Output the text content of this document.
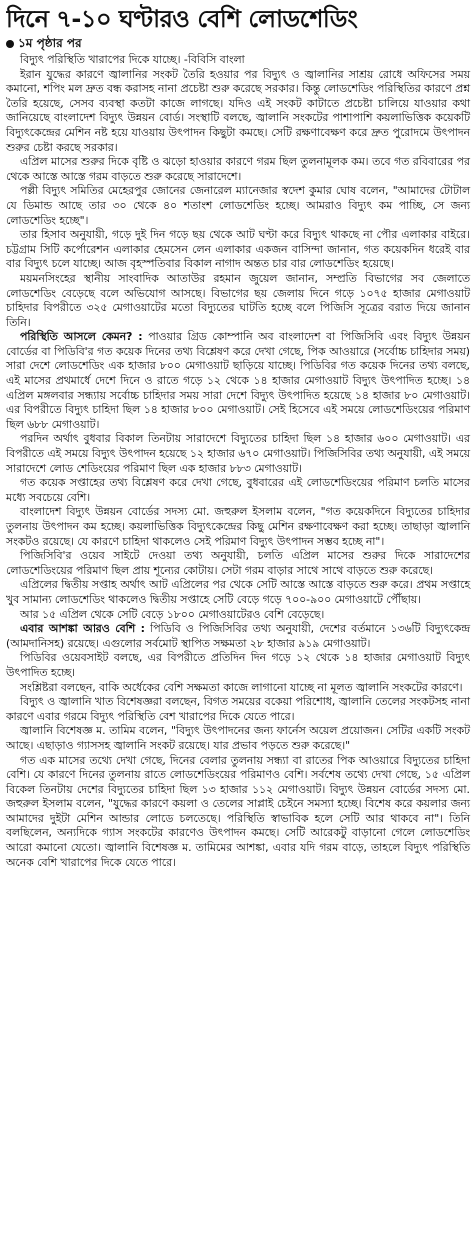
দিনে ৭-১০ ঘণ্টারও বেশি লোডশেডিং
১ম পৃষ্ঠার পর

বিদ্যুৎ পরিস্থিতি খারাপের দিকে যাচ্ছে। -বিবিসি বাংলা

ইরান যুদ্ধের কারণে জ্বালানির সংকট তৈরি হওয়ার পর বিদ্যুৎ ও জ্বালানির সাশ্রয় রোধে অফিসের সময় কমানো, শপিং মল দ্রুত বন্ধ করাসহ নানা প্রচেষ্টা শুরু করেছে সরকার। কিন্তু লোডশেডিং পরিস্থিতির কারণে প্রশ্ন তৈরি হয়েছে, সেসব ব্যবস্থা কতটা কাজে লাগছে। যদিও এই সংকট কাটাতে প্রচেষ্টা চালিয়ে যাওয়ার কথা জানিয়েছে বাংলাদেশ বিদ্যুৎ উন্নয়ন বোর্ড। সংস্থাটি বলছে, জ্বালানি সংকটের পাশাপাশি কয়লাভিত্তিক কয়েকটি বিদ্যুৎকেন্দ্রের মেশিন নষ্ট হয়ে যাওয়ায় উৎপাদন কিছুটা কমছে। সেটি রক্ষণাবেক্ষণ করে দ্রুত পুরোদমে উৎপাদন শুরুর চেষ্টা করছে সরকার।

এপ্রিল মাসের শুরুর দিকে বৃষ্টি ও ঝড়ো হাওয়ার কারণে গরম ছিল তুলনামূলক কম। তবে গত রবিবারের পর থেকে আস্তে আস্তে গরম বাড়তে শুরু করেছে সারাদেশে।

পল্লী বিদ্যুৎ সমিতির মেহেরপুর জোনের জেনারেল ম্যানেজার স্বদেশ কুমার ঘোষ বলেন, "আমাদের টোটাল যে ডিমান্ড আছে তার ৩০ থেকে ৪০ শতাংশ লোডশেডিং হচ্ছে। আমরাও বিদ্যুৎ কম পাচ্ছি, সে জন্য লোডশেডিং হচ্ছে"।

তার হিসাব অনুযায়ী, গড়ে দুই দিন গড়ে ছয় থেকে আট ঘণ্টা করে বিদ্যুৎ থাকছে না পৌর এলাকার বাইরে। চট্টগ্রাম সিটি কর্পোরেশন এলাকার হেমসেন লেন এলাকার একজন বাসিন্দা জানান, গত কয়েকদিন ধরেই বার বার বিদ্যুৎ চলে যাচ্ছে। আজ বৃহস্পতিবার বিকাল নাগাদ অন্তত চার বার লোডশেডিং হয়েছে।

ময়মনসিংহের স্থানীয় সাংবাদিক আতাউর রহমান জুয়েল জানান, সম্প্রতি বিভাগের সব জেলাতে লোডশেডিং বেড়েছে বলে অভিযোগ আসছে। বিভাগের ছয় জেলায় দিনে গড়ে ১০৭৫ হাজার মেগাওয়াট চাহিদার বিপরীতে ৩২৫ মেগাওয়াটের মতো বিদ্যুতের ঘাটতি হচ্ছে বলে পিজিসি সূত্রের বরাত দিয়ে জানান তিনি।

পরিস্থিতি আসলে কেমন? : পাওয়ার গ্রিড কোম্পানি অব বাংলাদেশ বা পিজিসিবি এবং বিদ্যুৎ উন্নয়ন বোর্ডের বা পিডিবি'র গত কয়েক দিনের তথ্য বিশ্লেষণ করে দেখা গেছে, পিক আওয়ারে (সর্বোচ্চ চাহিদার সময়) সারা দেশে লোডশেডিং এক হাজার ৮০০ মেগাওয়াট ছাড়িয়ে যাচ্ছে। পিডিবির গত কয়েক দিনের তথ্য বলছে, এই মাসের প্রথমার্ধে দেশে দিনে ও রাতে গড়ে ১২ থেকে ১৪ হাজার মেগাওয়াট বিদ্যুৎ উৎপাদিত হচ্ছে। ১৪ এপ্রিল মঙ্গলবার সন্ধ্যায় সর্বোচ্চ চাহিদার সময় সারা দেশে বিদ্যুৎ উৎপাদিত হয়েছে ১৪ হাজার ৮০ মেগাওয়াট। এর বিপরীতে বিদ্যুৎ চাহিদা ছিল ১৪ হাজার ৮০০ মেগাওয়াট। সেই হিসেবে এই সময়ে লোডশেডিংয়ের পরিমাণ ছিল ৬৮৮ মেগাওয়াট।

পরদিন অর্থাৎ বুধবার বিকাল তিনটায় সারাদেশে বিদ্যুতের চাহিদা ছিল ১৪ হাজার ৬০০ মেগাওয়াট। এর বিপরীতে এই সময়ে বিদ্যুৎ উৎপাদন হয়েছে ১২ হাজার ৬৭০ মেগাওয়াট। পিজিসিবির তথ্য অনুযায়ী, এই সময়ে সারাদেশে লোড শেডিংয়ের পরিমাণ ছিল এক হাজার ৮৮৩ মেগাওয়াট।

গত কয়েক সপ্তাহের তথ্য বিশ্লেষণ করে দেখা গেছে, বুধবারের এই লোডশেডিংয়ের পরিমাণ চলতি মাসের মধ্যে সবচেয়ে বেশি।

বাংলাদেশ বিদ্যুৎ উন্নয়ন বোর্ডের সদস্য মো. জহুরুল ইসলাম বলেন, "গত কয়েকদিনে বিদ্যুতের চাহিদার তুলনায় উৎপাদন কম হচ্ছে। কয়লাভিত্তিক বিদ্যুৎকেন্দ্রের কিছু মেশিন রক্ষণাবেক্ষণ করা হচ্ছে। তাছাড়া জ্বালানি সংকটও রয়েছে। যে কারণে চাহিদা থাকলেও সেই পরিমাণ বিদ্যুৎ উৎপাদন সম্ভব হচ্ছে না"।

পিজিসিবি'র ওয়েব সাইটে দেওয়া তথ্য অনুযায়ী, চলতি এপ্রিল মাসের শুরুর দিকে সারাদেশের লোডশেডিংয়ের পরিমাণ ছিল প্রায় শূন্যের কোটায়। সেটা গরম বাড়ার সাথে সাথে বাড়তে শুরু করেছে।

এপ্রিলের দ্বিতীয় সপ্তাহ অর্থাৎ আট এপ্রিলের পর থেকে সেটি আস্তে আস্তে বাড়তে শুরু করে। প্রথম সপ্তাহে খুব সামান্য লোডশেডিং থাকলেও দ্বিতীয় সপ্তাহে সেটি বেড়ে গড়ে ৭০০-৯০০ মেগাওয়াটে পৌঁছায়।

আর ১৫ এপ্রিল থেকে সেটি বেড়ে ১৮০০ মেগাওয়াটেরও বেশি বেড়েছে।

এবার আশঙ্কা আরও বেশি : পিডিবি ও পিজিসিবির তথ্য অনুযায়ী, দেশের বর্তমানে ১৩৬টি বিদ্যুৎকেন্দ্র (আমদানিসহ) রয়েছে। এগুলোর সর্বমোট স্থাপিত সক্ষমতা ২৮ হাজার ৯১৯ মেগাওয়াট।

পিডিবির ওয়েবসাইট বলছে, এর বিপরীতে প্রতিদিন দিন গড়ে ১২ থেকে ১৪ হাজার মেগাওয়াট বিদ্যুৎ উৎপাদিত হচ্ছে।

সংশ্লিষ্টরা বলছেন, বাকি অর্ধেকের বেশি সক্ষমতা কাজে লাগানো যাচ্ছে না মূলত জ্বালানি সংকটের কারণে।

বিদ্যুৎ ও জ্বালানি খাত বিশেষজ্ঞরা বলছেন, বিগত সময়ের বকেয়া পরিশোধ, জ্বালানি তেলের সংকটসহ নানা কারণে এবার গরমে বিদ্যুৎ পরিস্থিতি বেশ খারাপের দিকে যেতে পারে।

জ্বালানি বিশেষজ্ঞ ম. তামিম বলেন, "বিদ্যুৎ উৎপাদনের জন্য ফার্নেস অয়েল প্রয়োজন। সেটির একটি সংকট আছে। এছাড়াও গ্যাসসহ জ্বালানি সংকট রয়েছে। যার প্রভাব পড়তে শুরু করেছে।"

গত এক মাসের তথ্যে দেখা গেছে, দিনের বেলার তুলনায় সন্ধ্যা বা রাতের পিক আওয়ারে বিদ্যুতের চাহিদা বেশি। যে কারণে দিনের তুলনায় রাতে লোডশেডিংয়ের পরিমাণও বেশি। সর্বশেষ তথ্যে দেখা গেছে, ১৫ এপ্রিল বিকেল তিনটায় দেশের বিদ্যুতের চাহিদা ছিল ১৩ হাজার ১১২ মেগাওয়াট। বিদ্যুৎ উন্নয়ন বোর্ডের সদস্য মো. জহুরুল ইসলাম বলেন, "যুদ্ধের কারণে কয়লা ও তেলের সাপ্লাই চেইনে সমস্যা হচ্ছে। বিশেষ করে কয়লার জন্য আমাদের দুইটা মেশিন আন্ডার লোডে চলতেছে। পরিস্থিতি স্বাভাবিক হলে সেটি আর থাকবে না"। তিনি বলছিলেন, অন্যদিকে গ্যাস সংকটের কারণেও উৎপাদন কমছে। সেটি আরেকটু বাড়ানো গেলে লোডশেডিং আরো কমানো যেতো। জ্বালানি বিশেষজ্ঞ ম. তামিমের আশঙ্কা, এবার যদি গরম বাড়ে, তাহলে বিদ্যুৎ পরিস্থিতি অনেক বেশি খারাপের দিকে যেতে পারে।
